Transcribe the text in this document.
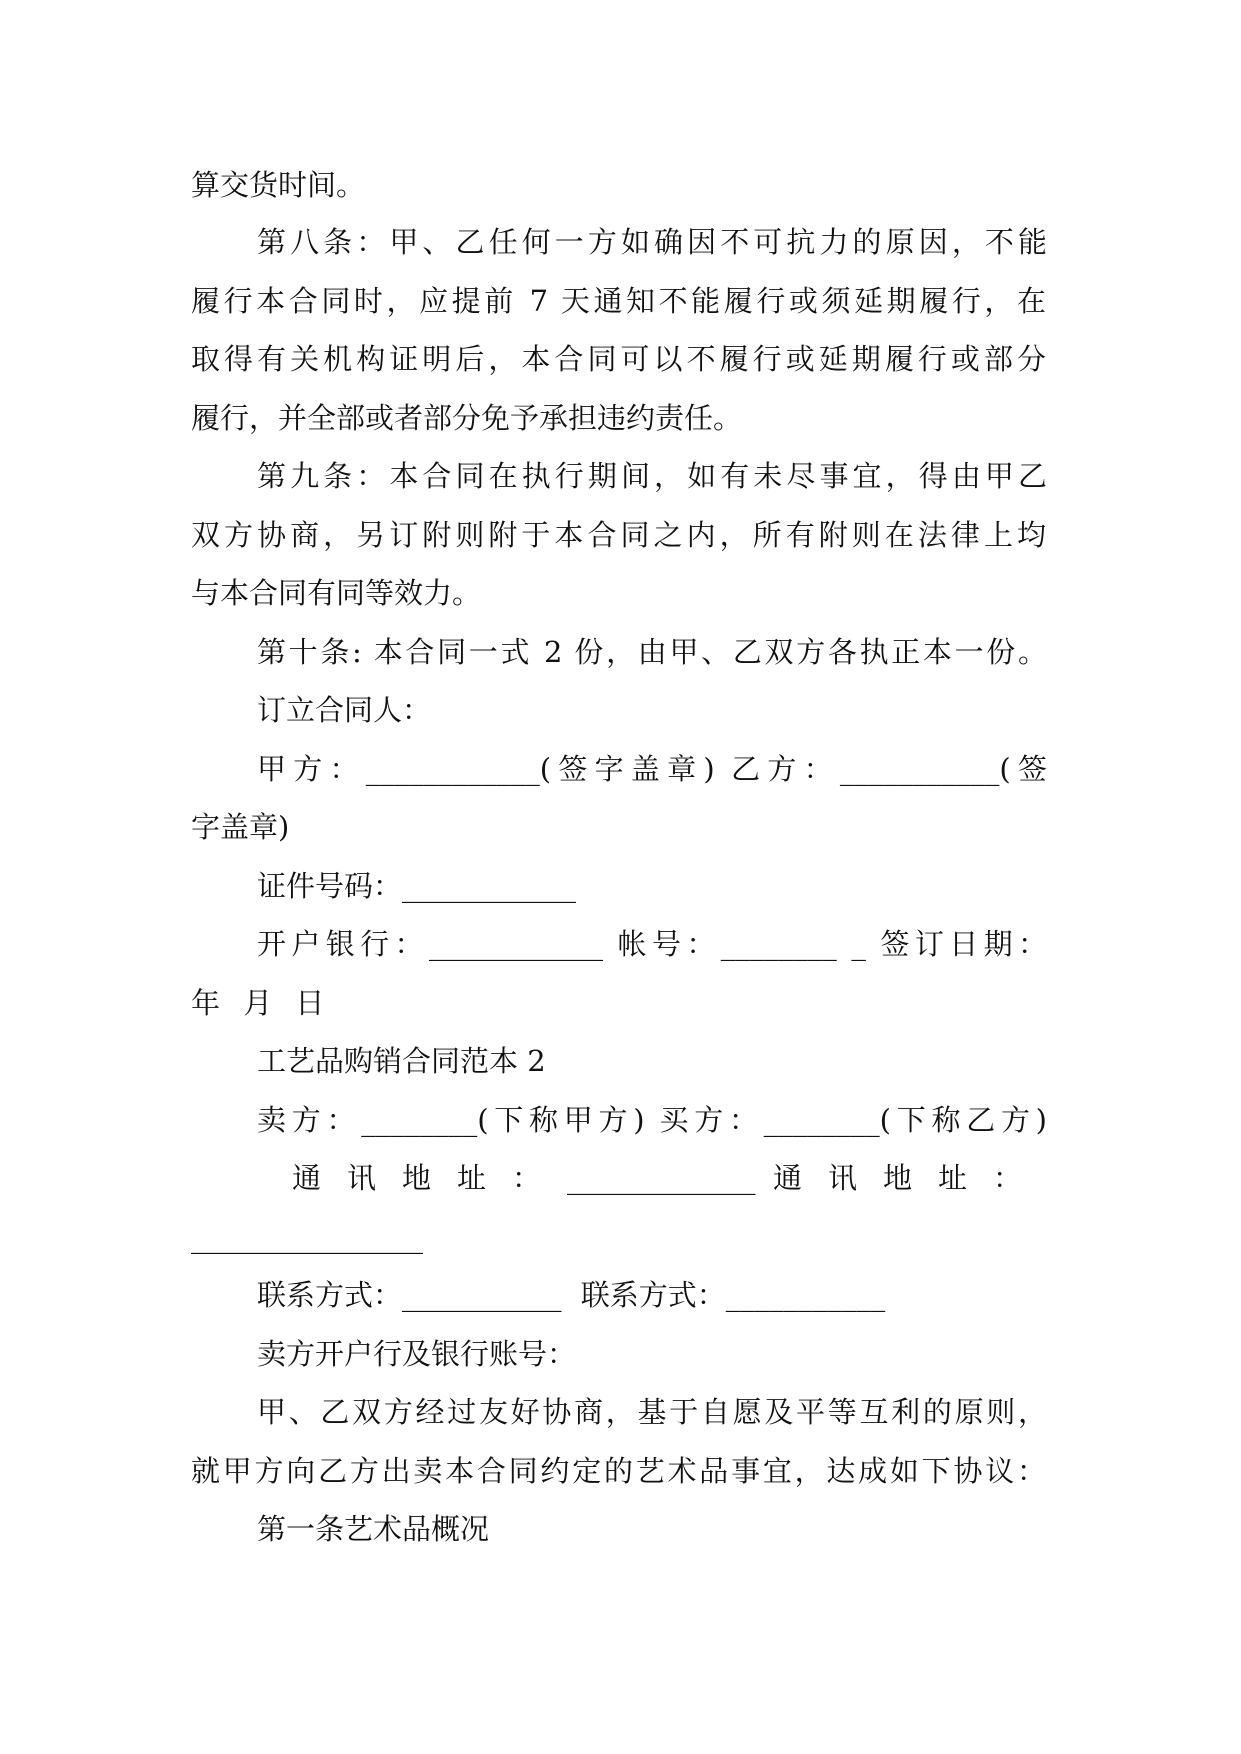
算交货时间。
第八条：甲、乙任何一方如确因不可抗力的原因，不能
履行本合同时，应提前 7 天通知不能履行或须延期履行，在
取得有关机构证明后，本合同可以不履行或延期履行或部分
履行，并全部或者部分免予承担违约责任。
第九条：本合同在执行期间，如有未尽事宜，得由甲乙
双方协商，另订附则附于本合同之内，所有附则在法律上均
与本合同有同等效力。
第十条: 本合同一式 2 份，由甲、乙双方各执正本一份。
订立合同人：
甲方：____________(签字盖章) 乙方：___________(签
字盖章)
证件号码：____________
开户银行：____________ 帐号：________ _ 签订日期：
年 月 日
工艺品购销合同范本 2
卖方：________(下称甲方) 买方：________(下称乙方)
通 讯 地 址 ： _____________ 通 讯 地 址 ：
________________
联系方式：___________ 联系方式：___________
卖方开户行及银行账号：
甲、乙双方经过友好协商，基于自愿及平等互利的原则，
就甲方向乙方出卖本合同约定的艺术品事宜，达成如下协议：
第一条艺术品概况
